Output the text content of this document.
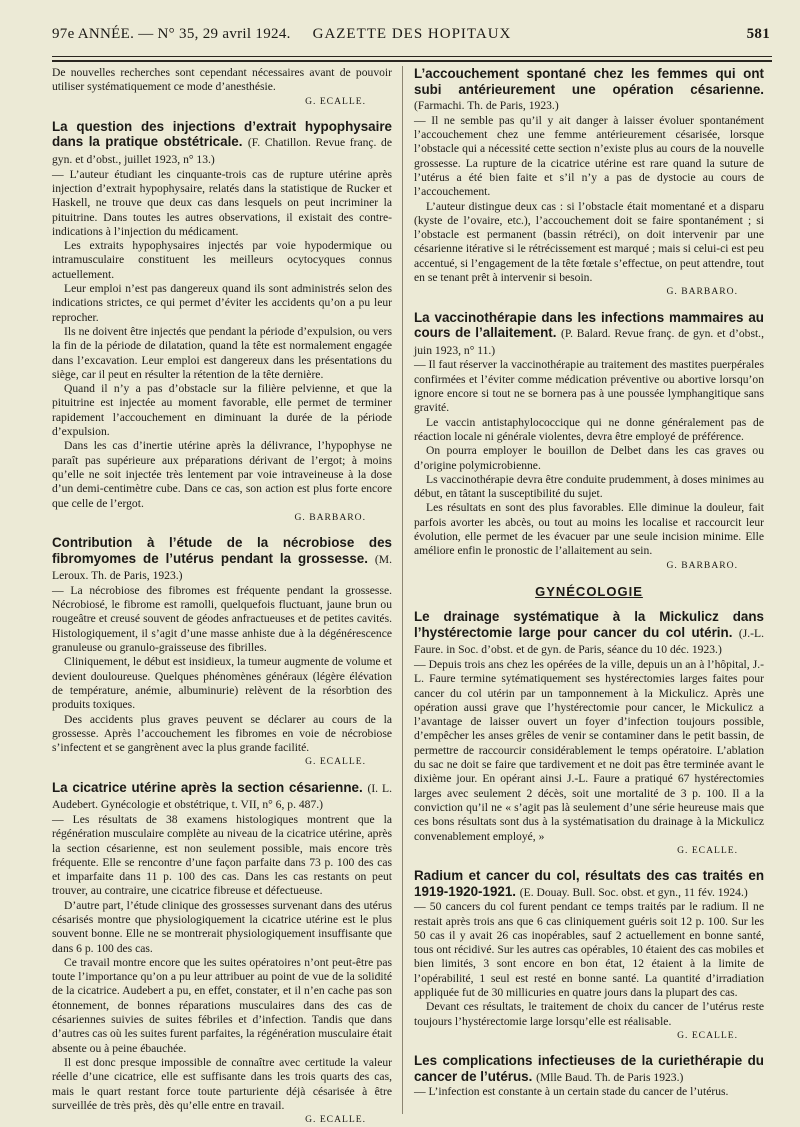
97e ANNÉE. — N° 35, 29 avril 1924.	GAZETTE DES HOPITAUX	581

De nouvelles recherches sont cependant nécessaires avant de pouvoir utiliser systématiquement ce mode d’anesthésie.

G. ECALLE.

La question des injections d’extrait hypophysaire dans la pratique obstétricale. (F. Chatillon. Revue franç. de gyn. et d’obst., juillet 1923, n° 13.)

— L’auteur étudiant les cinquante-trois cas de rupture utérine après injection d’extrait hypophysaire, relatés dans la statistique de Rucker et Haskell, ne trouve que deux cas dans lesquels on peut incriminer la pituitrine. Dans toutes les autres observations, il existait des contre-indications à l’injection du médicament.

Les extraits hypophysaires injectés par voie hypodermique ou intramusculaire constituent les meilleurs ocytocyques connus actuellement.

Leur emploi n’est pas dangereux quand ils sont administrés selon des indications strictes, ce qui permet d’éviter les accidents qu’on a pu leur reprocher.

Ils ne doivent être injectés que pendant la période d’expulsion, ou vers la fin de la période de dilatation, quand la tête est normalement engagée dans l’excavation. Leur emploi est dangereux dans les présentations du siège, car il peut en résulter la rétention de la tête dernière.

Quand il n’y a pas d’obstacle sur la filière pelvienne, et que la pituitrine est injectée au moment favorable, elle permet de terminer rapidement l’accouchement en diminuant la durée de la période d’expulsion.

Dans les cas d’inertie utérine après la délivrance, l’hypophyse ne paraît pas supérieure aux préparations dérivant de l’ergot; à moins qu’elle ne soit injectée très lentement par voie intraveineuse à la dose d’un demi-centimètre cube. Dans ce cas, son action est plus forte encore que celle de l’ergot.

G. BARBARO.

Contribution à l’étude de la nécrobiose des fibromyomes de l’utérus pendant la grossesse. (M. Leroux. Th. de Paris, 1923.)

— La nécrobiose des fibromes est fréquente pendant la grossesse. Nécrobiosé, le fibrome est ramolli, quelquefois fluctuant, jaune brun ou rougeâtre et creusé souvent de géodes anfractueuses et de petites cavités. Histologiquement, il s’agit d’une masse anhiste due à la dégénérescence granuleuse ou granulo-graisseuse des fibrilles.

Cliniquement, le début est insidieux, la tumeur augmente de volume et devient douloureuse. Quelques phénomènes généraux (légère élévation de température, anémie, albuminurie) relèvent de la résorbtion des produits toxiques.

Des accidents plus graves peuvent se déclarer au cours de la grossesse. Après l’accouchement les fibromes en voie de nécrobiose s’infectent et se gangrènent avec la plus grande facilité.

G. ECALLE.

La cicatrice utérine après la section césarienne. (I. L. Audebert. Gynécologie et obstétrique, t. VII, n° 6, p. 487.)

— Les résultats de 38 examens histologiques montrent que la régénération musculaire complète au niveau de la cicatrice utérine, après la section césarienne, est non seulement possible, mais encore très fréquente. Elle se rencontre d’une façon parfaite dans 73 p. 100 des cas et imparfaite dans 11 p. 100 des cas. Dans les cas restants on peut trouver, au contraire, une cicatrice fibreuse et défectueuse.

D’autre part, l’étude clinique des grossesses survenant dans des utérus césarisés montre que physiologiquement la cicatrice utérine est le plus souvent bonne. Elle ne se montrerait physiologiquement insuffisante que dans 6 p. 100 des cas.

Ce travail montre encore que les suites opératoires n’ont peut-être pas toute l’importance qu’on a pu leur attribuer au point de vue de la solidité de la cicatrice. Audebert a pu, en effet, constater, et il n’en cache pas son étonnement, de bonnes réparations musculaires dans des cas de césariennes suivies de suites fébriles et d’infection. Tandis que dans d’autres cas où les suites furent parfaites, la régénération musculaire était absente ou à peine ébauchée.

Il est donc presque impossible de connaître avec certitude la valeur réelle d’une cicatrice, elle est suffisante dans les trois quarts des cas, mais le quart restant force toute parturiente déjà césarisée à être surveillée de très près, dès qu’elle entre en travail.

G. ECALLE.

L’accouchement spontané chez les femmes qui ont subi antérieurement une opération césarienne. (Farmachi. Th. de Paris, 1923.)

— Il ne semble pas qu’il y ait danger à laisser évoluer spontanément l’accouchement chez une femme antérieurement césarisée, lorsque l’obstacle qui a nécessité cette section n’existe plus au cours de la nouvelle grossesse. La rupture de la cicatrice utérine est rare quand la suture de l’utérus a été bien faite et s’il n’y a pas de dystocie au cours de l’accouchement.

L’auteur distingue deux cas : si l’obstacle était momentané et a disparu (kyste de l’ovaire, etc.), l’accouchement doit se faire spontanément ; si l’obstacle est permanent (bassin rétréci), on doit intervenir par une césarienne itérative si le rétrécissement est marqué ; mais si celui-ci est peu accentué, si l’engagement de la tête fœtale s’effectue, on peut attendre, tout en se tenant prêt à intervenir si besoin.

G. BARBARO.

La vaccinothérapie dans les infections mammaires au cours de l’allaitement. (P. Balard. Revue franç. de gyn. et d’obst., juin 1923, n° 11.)

— Il faut réserver la vaccinothérapie au traitement des mastites puerpérales confirmées et l’éviter comme médication préventive ou abortive lorsqu’on ignore encore si tout ne se bornera pas à une poussée lymphangitique sans gravité.

Le vaccin antistaphylococcique qui ne donne généralement pas de réaction locale ni générale violentes, devra être employé de préférence.

On pourra employer le bouillon de Delbet dans les cas graves ou d’origine polymicrobienne.

Ls vaccinothérapie devra être conduite prudemment, à doses minimes au début, en tâtant la susceptibilité du sujet.

Les résultats en sont des plus favorables. Elle diminue la douleur, fait parfois avorter les abcès, ou tout au moins les localise et raccourcit leur évolution, elle permet de les évacuer par une seule incision minime. Elle améliore enfin le pronostic de l’allaitement au sein.

G. BARBARO.

GYNÉCOLOGIE

Le drainage systématique à la Mickulicz dans l’hystérectomie large pour cancer du col utérin. (J.-L. Faure. in Soc. d’obst. et de gyn. de Paris, séance du 10 déc. 1923.)

— Depuis trois ans chez les opérées de la ville, depuis un an à l’hôpital, J.-L. Faure termine sytématiquement ses hystérectomies larges faites pour cancer du col utérin par un tamponnement à la Mickulicz. Après une opération aussi grave que l’hystérectomie pour cancer, le Mickulicz a l’avantage de laisser ouvert un foyer d’infection toujours possible, d’empêcher les anses grêles de venir se contaminer dans le petit bassin, de permettre de raccourcir considérablement le temps opératoire. L’ablation du sac ne doit se faire que tardivement et ne doit pas être terminée avant le dixième jour. En opérant ainsi J.-L. Faure a pratiqué 67 hystérectomies larges avec seulement 2 décès, soit une mortalité de 3 p. 100. Il a la conviction qu’il ne « s’agit pas là seulement d’une série heureuse mais que ces bons résultats sont dus à la systématisation du drainage à la Mickulicz convenablement employé, »

G. ECALLE.

Radium et cancer du col, résultats des cas traités en 1919-1920-1921. (E. Douay. Bull. Soc. obst. et gyn., 11 fév. 1924.)

— 50 cancers du col furent pendant ce temps traités par le radium. Il ne restait après trois ans que 6 cas cliniquement guéris soit 12 p. 100. Sur les 50 cas il y avait 26 cas inopérables, sauf 2 actuellement en bonne santé, tous ont récidivé. Sur les autres cas opérables, 10 étaient des cas mobiles et bien limités, 3 sont encore en bon état, 12 étaient à la limite de l’opérabilité, 1 seul est resté en bonne santé. La quantité d’irradiation appliquée fut de 30 millicuries en quatre jours dans la plupart des cas.

Devant ces résultats, le traitement de choix du cancer de l’utérus reste toujours l’hystérectomie large lorsqu’elle est réalisable.

G. ECALLE.

Les complications infectieuses de la curiethérapie du cancer de l’utérus. (Mlle Baud. Th. de Paris 1923.)

— L’infection est constante à un certain stade du cancer de l’utérus.
